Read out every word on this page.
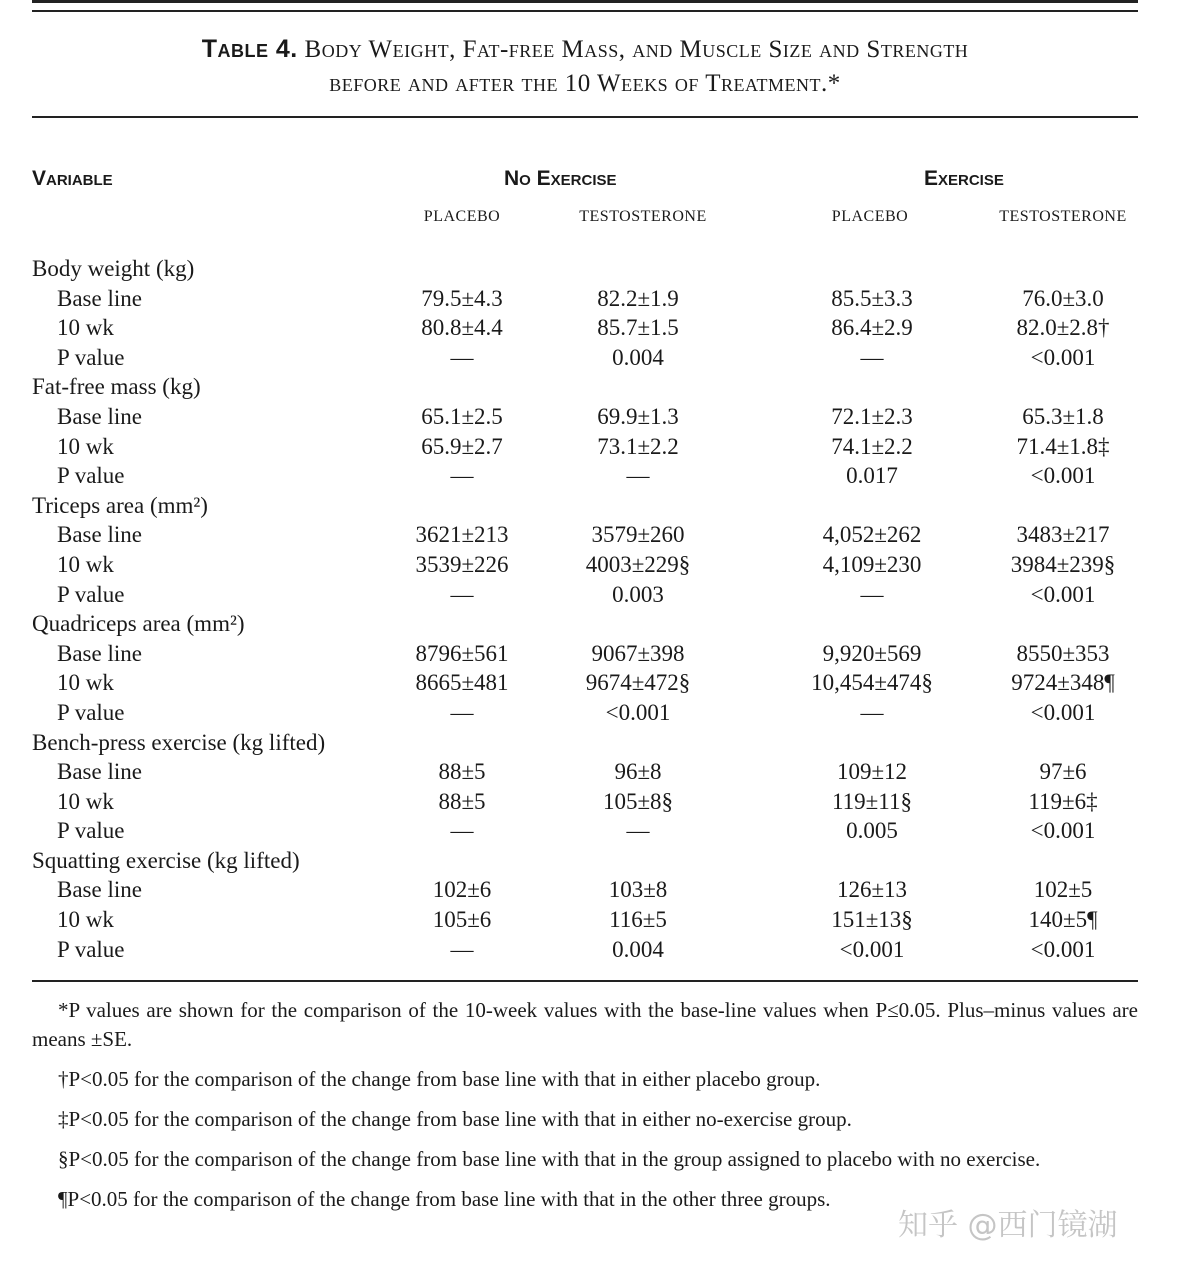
Table 4. Body Weight, Fat-free Mass, and Muscle Size and Strength
before and after the 10 Weeks of Treatment.*
Variable	No Exercise	Exercise
PLACEBO	TESTOSTERONE	PLACEBO	TESTOSTERONE
Body weight (kg)
Base line	79.5±4.3	82.2±1.9	85.5±3.3	76.0±3.0
10 wk	80.8±4.4	85.7±1.5	86.4±2.9	82.0±2.8†
P value	—	0.004	—	<0.001
Fat-free mass (kg)
Base line	65.1±2.5	69.9±1.3	72.1±2.3	65.3±1.8
10 wk	65.9±2.7	73.1±2.2	74.1±2.2	71.4±1.8‡
P value	—	—	0.017	<0.001
Triceps area (mm²)
Base line	3621±213	3579±260	4,052±262	3483±217
10 wk	3539±226	4003±229§	4,109±230	3984±239§
P value	—	0.003	—	<0.001
Quadriceps area (mm²)
Base line	8796±561	9067±398	9,920±569	8550±353
10 wk	8665±481	9674±472§	10,454±474§	9724±348¶
P value	—	<0.001	—	<0.001
Bench-press exercise (kg lifted)
Base line	88±5	96±8	109±12	97±6
10 wk	88±5	105±8§	119±11§	119±6‡
P value	—	—	0.005	<0.001
Squatting exercise (kg lifted)
Base line	102±6	103±8	126±13	102±5
10 wk	105±6	116±5	151±13§	140±5¶
P value	—	0.004	<0.001	<0.001

*P values are shown for the comparison of the 10-week values with the base-line values when P≤0.05. Plus–minus values are means ±SE.

†P<0.05 for the comparison of the change from base line with that in either placebo group.

‡P<0.05 for the comparison of the change from base line with that in either no-exercise group.

§P<0.05 for the comparison of the change from base line with that in the group assigned to placebo with no exercise.

¶P<0.05 for the comparison of the change from base line with that in the other three groups.

知乎 @西门镜湖
